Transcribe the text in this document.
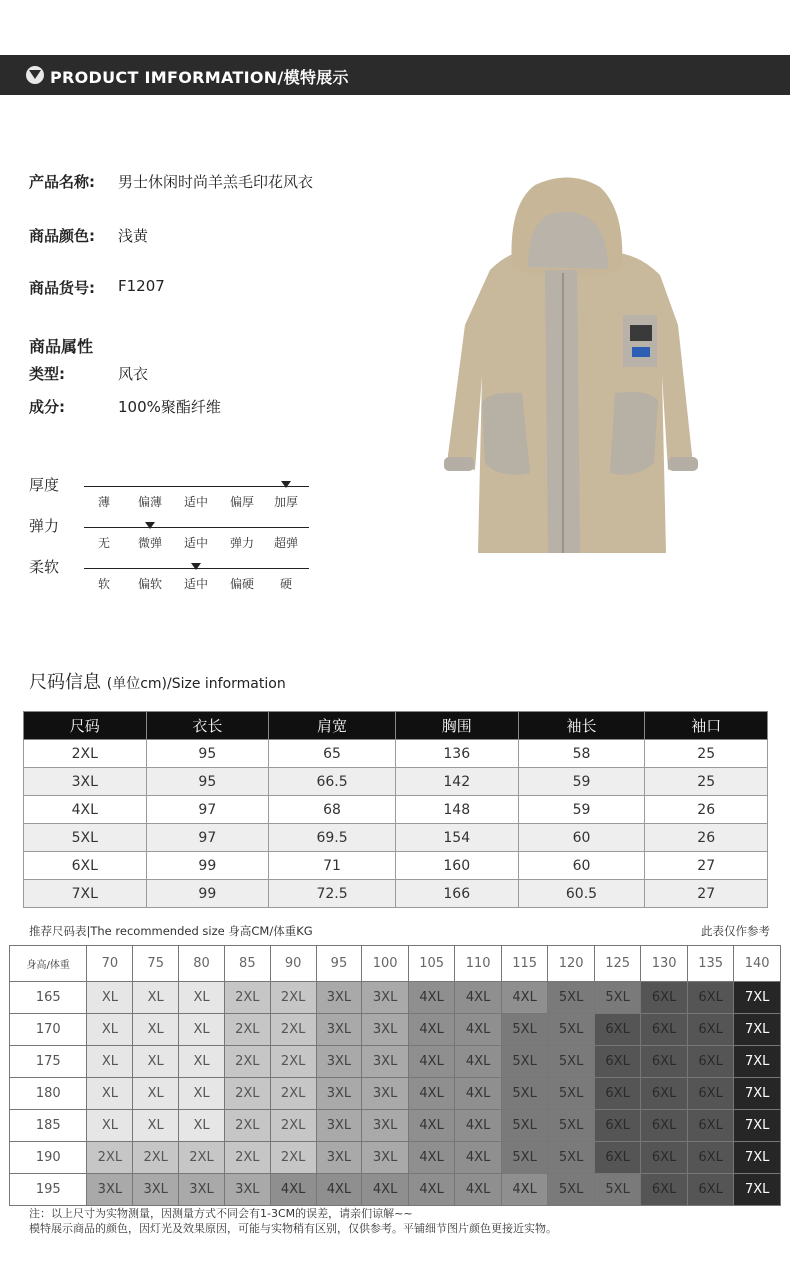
PRODUCT IMFORMATION/模特展示
产品名称: 男士休闲时尚羊羔毛印花风衣
商品颜色: 浅黄
商品货号: F1207
商品属性
类型:	风衣
成分:	100%聚酯纤维
厚度
薄	偏薄	适中	偏厚	加厚
弹力
无	微弹	适中	弹力	超弹
柔软
软	偏软	适中	偏硬	硬
尺码信息 (单位cm)/Size information
尺码	衣长	肩宽	胸围	袖长	袖口
2XL	95	65	136	58	25
3XL	95	66.5	142	59	25
4XL	97	68	148	59	26
5XL	97	69.5	154	60	26
6XL	99	71	160	60	27
7XL	99	72.5	166	60.5	27
推荐尺码表|The recommended size 身高CM/体重KG	此表仅作参考
身高/体重	70	75	80	85	90	95	100	105	110	115	120	125	130	135	140
165	XL	XL	XL	2XL	2XL	3XL	3XL	4XL	4XL	4XL	5XL	5XL	6XL	6XL	7XL
170	XL	XL	XL	2XL	2XL	3XL	3XL	4XL	4XL	5XL	5XL	6XL	6XL	6XL	7XL
175	XL	XL	XL	2XL	2XL	3XL	3XL	4XL	4XL	5XL	5XL	6XL	6XL	6XL	7XL
180	XL	XL	XL	2XL	2XL	3XL	3XL	4XL	4XL	5XL	5XL	6XL	6XL	6XL	7XL
185	XL	XL	XL	2XL	2XL	3XL	3XL	4XL	4XL	5XL	5XL	6XL	6XL	6XL	7XL
190	2XL	2XL	2XL	2XL	2XL	3XL	3XL	4XL	4XL	5XL	5XL	6XL	6XL	6XL	7XL
195	3XL	3XL	3XL	3XL	4XL	4XL	4XL	4XL	4XL	4XL	5XL	5XL	6XL	6XL	7XL
注：以上尺寸为实物测量，因测量方式不同会有1-3CM的误差，请亲们谅解~~
模特展示商品的颜色，因灯光及效果原因，可能与实物稍有区别，仅供参考。平铺细节图片颜色更接近实物。
